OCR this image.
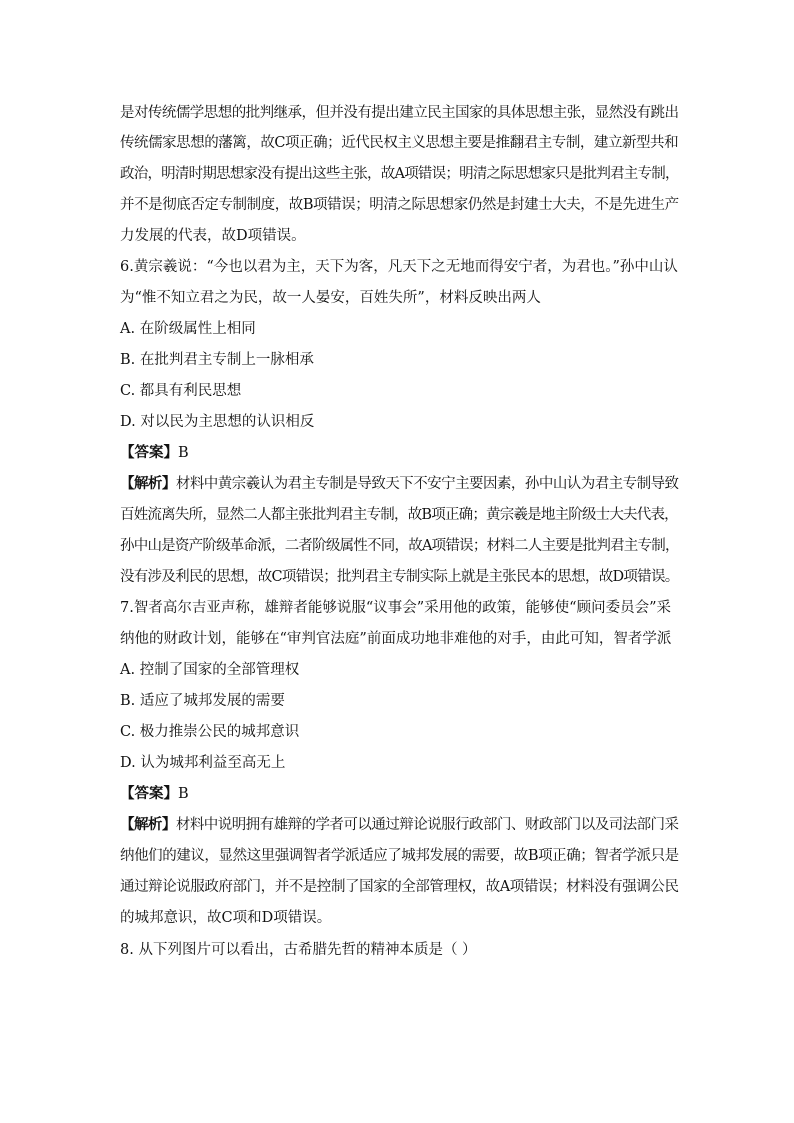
是对传统儒学思想的批判继承，但并没有提出建立民主国家的具体思想主张，显然没有跳出
传统儒家思想的藩篱，故C项正确；近代民权主义思想主要是推翻君主专制，建立新型共和
政治，明清时期思想家没有提出这些主张，故A项错误；明清之际思想家只是批判君主专制，
并不是彻底否定专制制度，故B项错误；明清之际思想家仍然是封建士大夫，不是先进生产
力发展的代表，故D项错误。
6.黄宗羲说：“今也以君为主，天下为客，凡天下之无地而得安宁者，为君也。”孙中山认
为“惟不知立君之为民，故一人晏安，百姓失所”，材料反映出两人
A. 在阶级属性上相同
B. 在批判君主专制上一脉相承
C. 都具有利民思想
D. 对以民为主思想的认识相反
【答案】B
【解析】材料中黄宗羲认为君主专制是导致天下不安宁主要因素，孙中山认为君主专制导致
百姓流离失所，显然二人都主张批判君主专制，故B项正确；黄宗羲是地主阶级士大夫代表，
孙中山是资产阶级革命派，二者阶级属性不同，故A项错误；材料二人主要是批判君主专制，
没有涉及利民的思想，故C项错误；批判君主专制实际上就是主张民本的思想，故D项错误。
7.智者高尔吉亚声称，雄辩者能够说服“议事会”采用他的政策，能够使“顾问委员会”采
纳他的财政计划，能够在“审判官法庭”前面成功地非难他的对手，由此可知，智者学派
A. 控制了国家的全部管理权
B. 适应了城邦发展的需要
C. 极力推崇公民的城邦意识
D. 认为城邦利益至高无上
【答案】B
【解析】材料中说明拥有雄辩的学者可以通过辩论说服行政部门、财政部门以及司法部门采
纳他们的建议，显然这里强调智者学派适应了城邦发展的需要，故B项正确；智者学派只是
通过辩论说服政府部门，并不是控制了国家的全部管理权，故A项错误；材料没有强调公民
的城邦意识，故C项和D项错误。
8. 从下列图片可以看出，古希腊先哲的精神本质是（ ）
